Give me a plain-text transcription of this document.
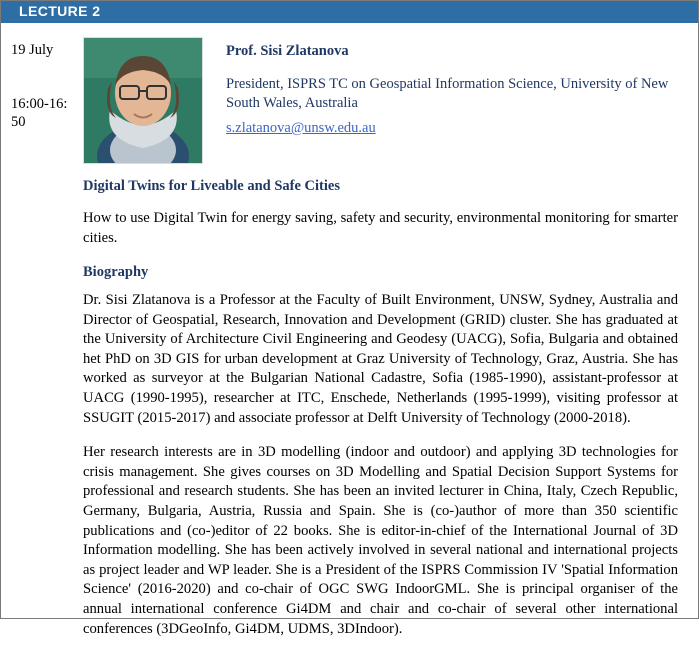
LECTURE 2
19 July
16:00-16:50
Prof. Sisi Zlatanova
President, ISPRS TC on Geospatial Information Science, University of New South Wales, Australia
s.zlatanova@unsw.edu.au
Digital Twins for Liveable and Safe Cities
How to use Digital Twin for energy saving, safety and security, environmental monitoring for smarter cities.
Biography
Dr. Sisi Zlatanova is a Professor at the Faculty of Built Environment, UNSW, Sydney, Australia and Director of Geospatial, Research, Innovation and Development (GRID) cluster. She has graduated at the University of Architecture Civil Engineering and Geodesy (UACG), Sofia, Bulgaria and obtained het PhD on 3D GIS for urban development at Graz University of Technology, Graz, Austria. She has worked as surveyor at the Bulgarian National Cadastre, Sofia (1985-1990), assistant-professor at UACG (1990-1995), researcher at ITC, Enschede, Netherlands (1995-1999), visiting professor at SSUGIT (2015-2017) and associate professor at Delft University of Technology (2000-2018).
Her research interests are in 3D modelling (indoor and outdoor) and applying 3D technologies for crisis management. She gives courses on 3D Modelling and Spatial Decision Support Systems for professional and research students. She has been an invited lecturer in China, Italy, Czech Republic, Germany, Bulgaria, Austria, Russia and Spain. She is (co-)author of more than 350 scientific publications and (co-)editor of 22 books. She is editor-in-chief of the International Journal of 3D Information modelling. She has been actively involved in several national and international projects as project leader and WP leader. She is a President of the ISPRS Commission IV 'Spatial Information Science' (2016-2020) and co-chair of OGC SWG IndoorGML. She is principal organiser of the annual international conference Gi4DM and chair and co-chair of several other international conferences (3DGeoInfo, Gi4DM, UDMS, 3DIndoor).
